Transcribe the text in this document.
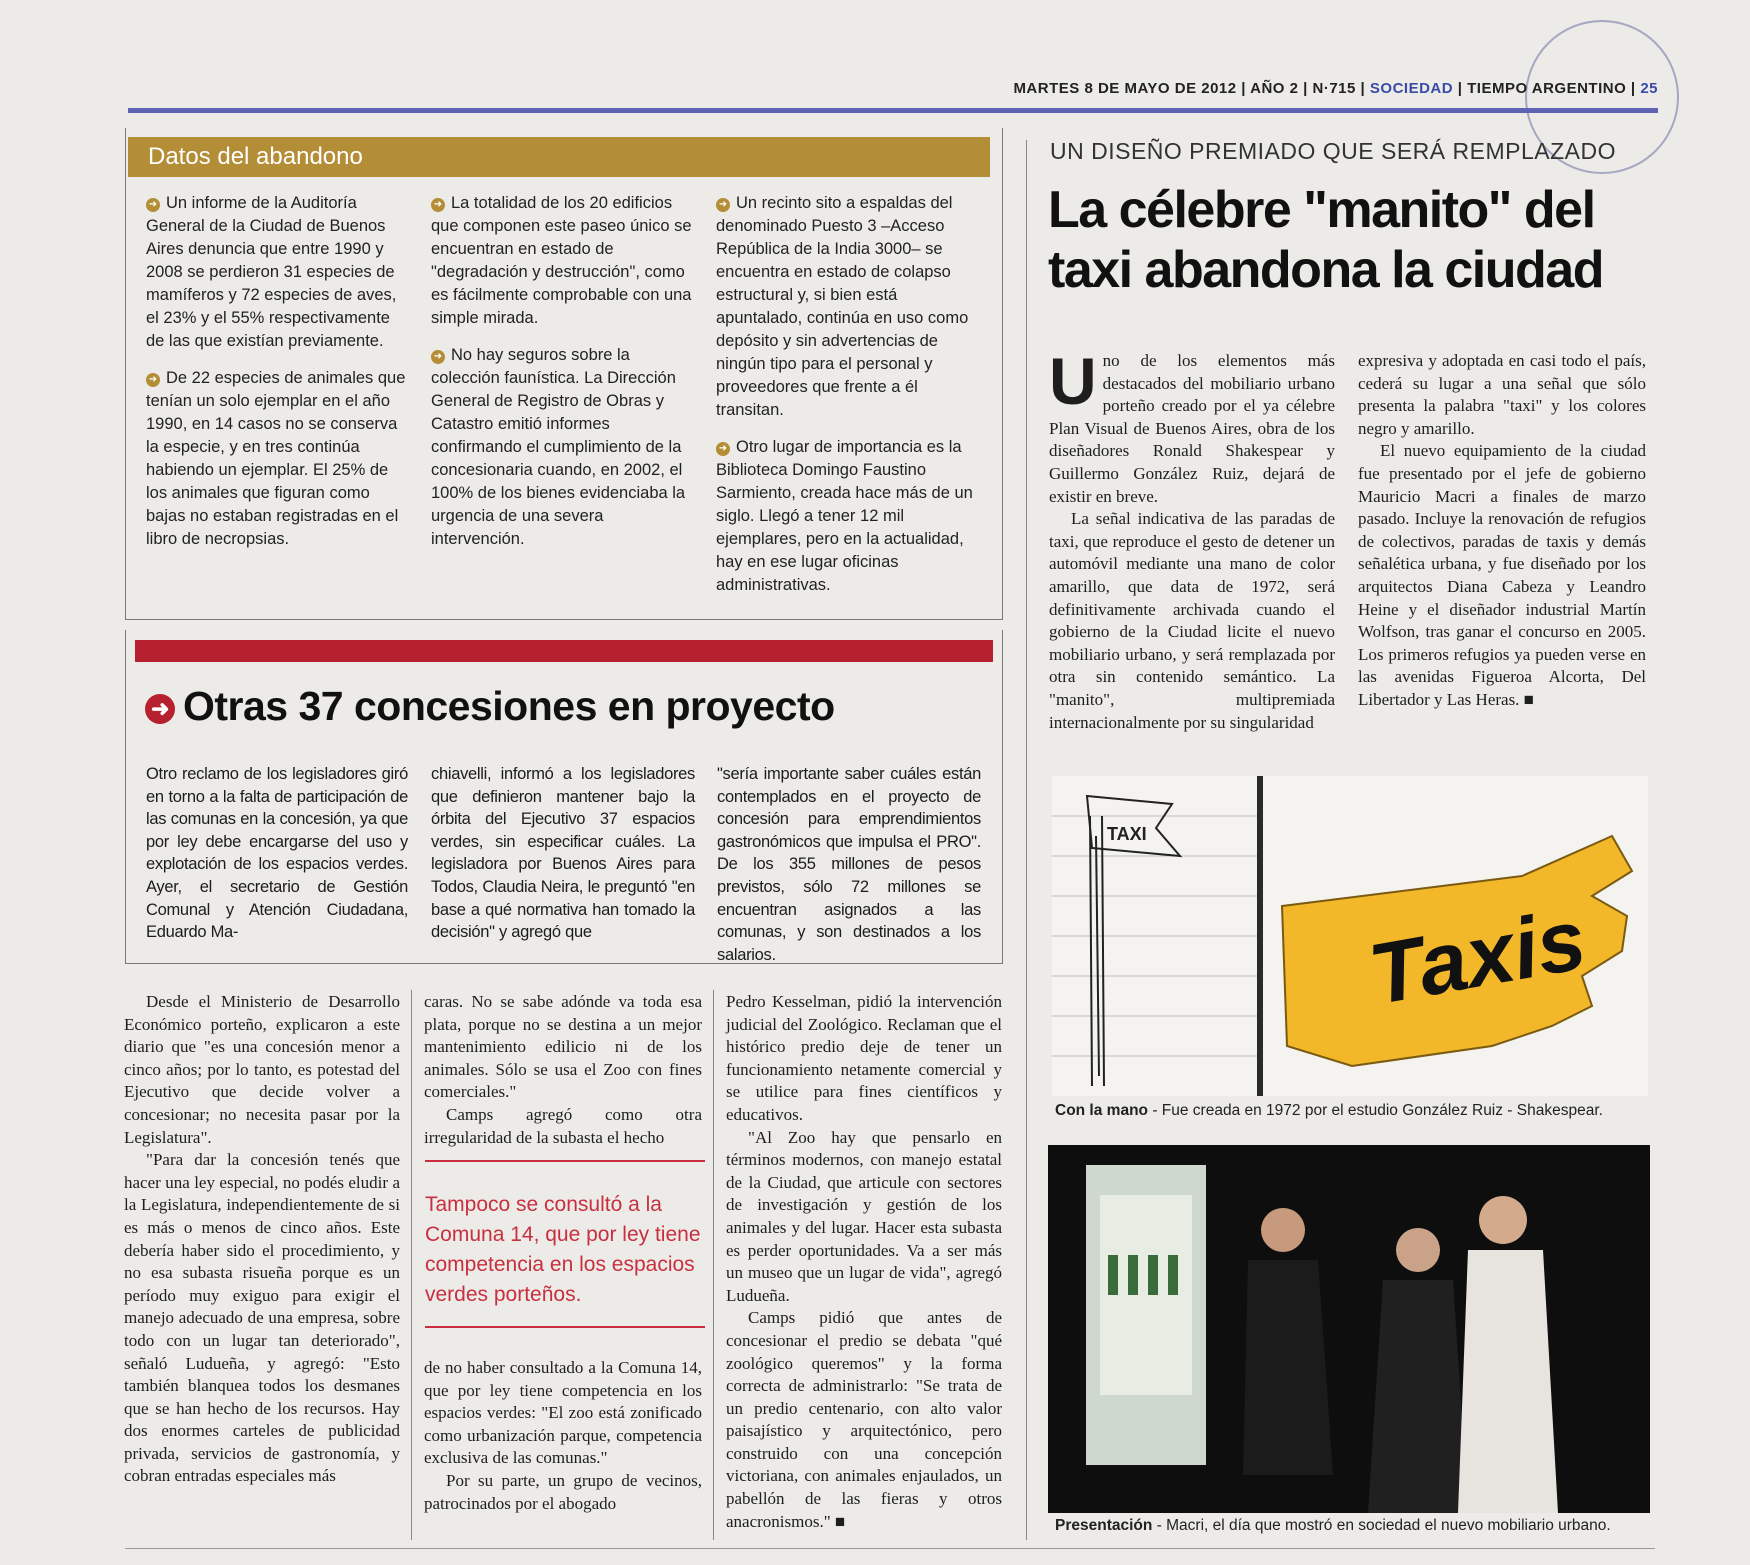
MARTES 8 DE MAYO DE 2012 | AÑO 2 | N·715 | SOCIEDAD | TIEMPO ARGENTINO | 25
Datos del abandono

➜ Un informe de la Auditoría General de la Ciudad de Buenos Aires denuncia que entre 1990 y 2008 se perdieron 31 especies de mamíferos y 72 especies de aves, el 23% y el 55% respectivamente de las que existían previamente.

➜ De 22 especies de animales que tenían un solo ejemplar en el año 1990, en 14 casos no se conserva la especie, y en tres continúa habiendo un ejemplar. El 25% de los animales que figuran como bajas no estaban registradas en el libro de necropsias.

➜ La totalidad de los 20 edificios que componen este paseo único se encuentran en estado de "degradación y destrucción", como es fácilmente comprobable con una simple mirada.

➜ No hay seguros sobre la colección faunística. La Dirección General de Registro de Obras y Catastro emitió informes confirmando el cumplimiento de la concesionaria cuando, en 2002, el 100% de los bienes evidenciaba la urgencia de una severa intervención.

➜ Un recinto sito a espaldas del denominado Puesto 3 –Acceso República de la India 3000– se encuentra en estado de colapso estructural y, si bien está apuntalado, continúa en uso como depósito y sin advertencias de ningún tipo para el personal y proveedores que frente a él transitan.

➜ Otro lugar de importancia es la Biblioteca Domingo Faustino Sarmiento, creada hace más de un siglo. Llegó a tener 12 mil ejemplares, pero en la actualidad, hay en ese lugar oficinas administrativas.

➜ Otras 37 concesiones en proyecto
Otro reclamo de los legisladores giró en torno a la falta de participación de las comunas en la concesión, ya que por ley debe encargarse del uso y explotación de los espacios verdes. Ayer, el secretario de Gestión Comunal y Atención Ciudadana, Eduardo Ma-
chiavelli, informó a los legisladores que definieron mantener bajo la órbita del Ejecutivo 37 espacios verdes, sin especificar cuáles. La legisladora por Buenos Aires para Todos, Claudia Neira, le preguntó "en base a qué normativa han tomado la decisión" y agregó que
"sería importante saber cuáles están contemplados en el proyecto de concesión para emprendimientos gastronómicos que impulsa el PRO". De los 355 millones de pesos previstos, sólo 72 millones se encuentran asignados a las comunas, y son destinados a los salarios.

Desde el Ministerio de Desarrollo Económico porteño, explicaron a este diario que "es una concesión menor a cinco años; por lo tanto, es potestad del Ejecutivo que decide volver a concesionar; no necesita pasar por la Legislatura".

"Para dar la concesión tenés que hacer una ley especial, no podés eludir a la Legislatura, independientemente de si es más o menos de cinco años. Este debería haber sido el procedimiento, y no esa subasta risueña porque es un período muy exiguo para exigir el manejo adecuado de una empresa, sobre todo con un lugar tan deteriorado", señaló Ludueña, y agregó: "Esto también blanquea todos los desmanes que se han hecho de los recursos. Hay dos enormes carteles de publicidad privada, servicios de gastronomía, y cobran entradas especiales más

caras. No se sabe adónde va toda esa plata, porque no se destina a un mejor mantenimiento edilicio ni de los animales. Sólo se usa el Zoo con fines comerciales."

Camps agregó como otra irregularidad de la subasta el hecho

Tampoco se consultó a la Comuna 14, que por ley tiene competencia en los espacios verdes porteños.

de no haber consultado a la Comuna 14, que por ley tiene competencia en los espacios verdes: "El zoo está zonificado como urbanización parque, competencia exclusiva de las comunas."

Por su parte, un grupo de vecinos, patrocinados por el abogado

Pedro Kesselman, pidió la intervención judicial del Zoológico. Reclaman que el histórico predio deje de tener un funcionamiento netamente comercial y se utilice para fines científicos y educativos.

"Al Zoo hay que pensarlo en términos modernos, con manejo estatal de la Ciudad, que articule con sectores de investigación y gestión de los animales y del lugar. Hacer esta subasta es perder oportunidades. Va a ser más un museo que un lugar de vida", agregó Ludueña.

Camps pidió que antes de concesionar el predio se debata "qué zoológico queremos" y la forma correcta de administrarlo: "Se trata de un predio centenario, con alto valor paisajístico y arquitectónico, pero construido con una concepción victoriana, con animales enjaulados, un pabellón de las fieras y otros anacronismos." ■

UN DISEÑO PREMIADO QUE SERÁ REMPLAZADO
La célebre "manito" del
taxi abandona la ciudad

Uno de los elementos más destacados del mobiliario urbano porteño creado por el ya célebre Plan Visual de Buenos Aires, obra de los diseñadores Ronald Shakespear y Guillermo González Ruiz, dejará de existir en breve.

La señal indicativa de las paradas de taxi, que reproduce el gesto de detener un automóvil mediante una mano de color amarillo, que data de 1972, será definitivamente archivada cuando el gobierno de la Ciudad licite el nuevo mobiliario urbano, y será remplazada por otra sin contenido semántico. La "manito", multipremiada internacionalmente por su singularidad

expresiva y adoptada en casi todo el país, cederá su lugar a una señal que sólo presenta la palabra "taxi" y los colores negro y amarillo.

El nuevo equipamiento de la ciudad fue presentado por el jefe de gobierno Mauricio Macri a finales de marzo pasado. Incluye la renovación de refugios de colectivos, paradas de taxis y demás señalética urbana, y fue diseñado por los arquitectos Diana Cabeza y Leandro Heine y el diseñador industrial Martín Wolfson, tras ganar el concurso en 2005. Los primeros refugios ya pueden verse en las avenidas Figueroa Alcorta, Del Libertador y Las Heras. ■

TAXI
Taxis
Con la mano - Fue creada en 1972 por el estudio González Ruiz - Shakespear.
Presentación - Macri, el día que mostró en sociedad el nuevo mobiliario urbano.
